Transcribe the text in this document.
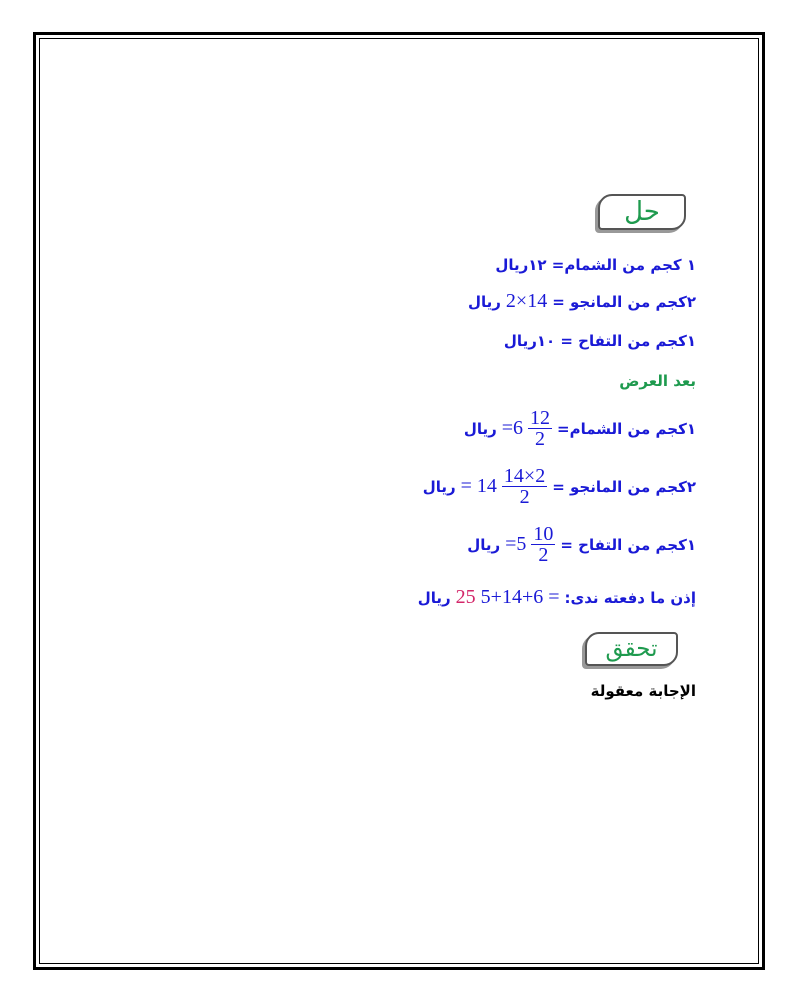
حل
١ كجم من الشمام= ١٢ريال
٢كجم من المانجو =
2×14
ريال
١كجم من التفاح = ١٠ريال
بعد العرض
١كجم من الشمام=
$\frac{12}{2}$
=6
ريال
٢كجم من المانجو =
$\frac{14\times 2}{2}$
= 14
ريال
١كجم من التفاح =
$\frac{10}{2}$
=5
ريال
إذن ما دفعته ندى:
5+14+6 =
25
ريال
تحقق
الإجابة معقولة
